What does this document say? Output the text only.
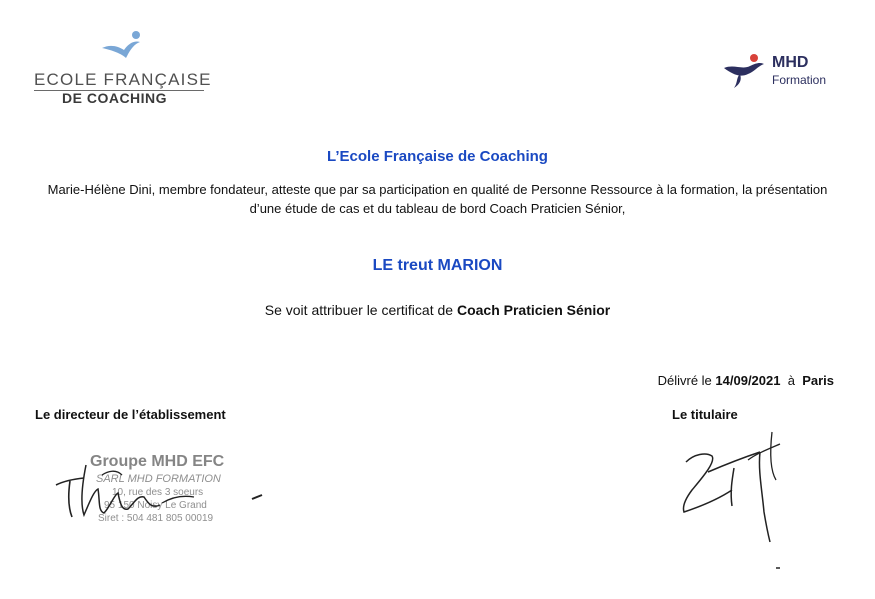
ECOLE FRANÇAISE
DE COACHING
MHD
Formation
L’Ecole Française de Coaching
Marie-Hélène Dini, membre fondateur, atteste que par sa participation en qualité de Personne Ressource à la formation, la présentation d’une étude de cas et du tableau de bord Coach Praticien Sénior,
LE treut MARION
Se voit attribuer le certificat de Coach Praticien Sénior
Délivré le 14/09/2021 à Paris
Le directeur de l’établissement	Le titulaire
Groupe MHD EFC
SARL MHD FORMATION
10, rue des 3 soeurs
95 150 Noisy Le Grand
Siret : 504 481 805 00019
